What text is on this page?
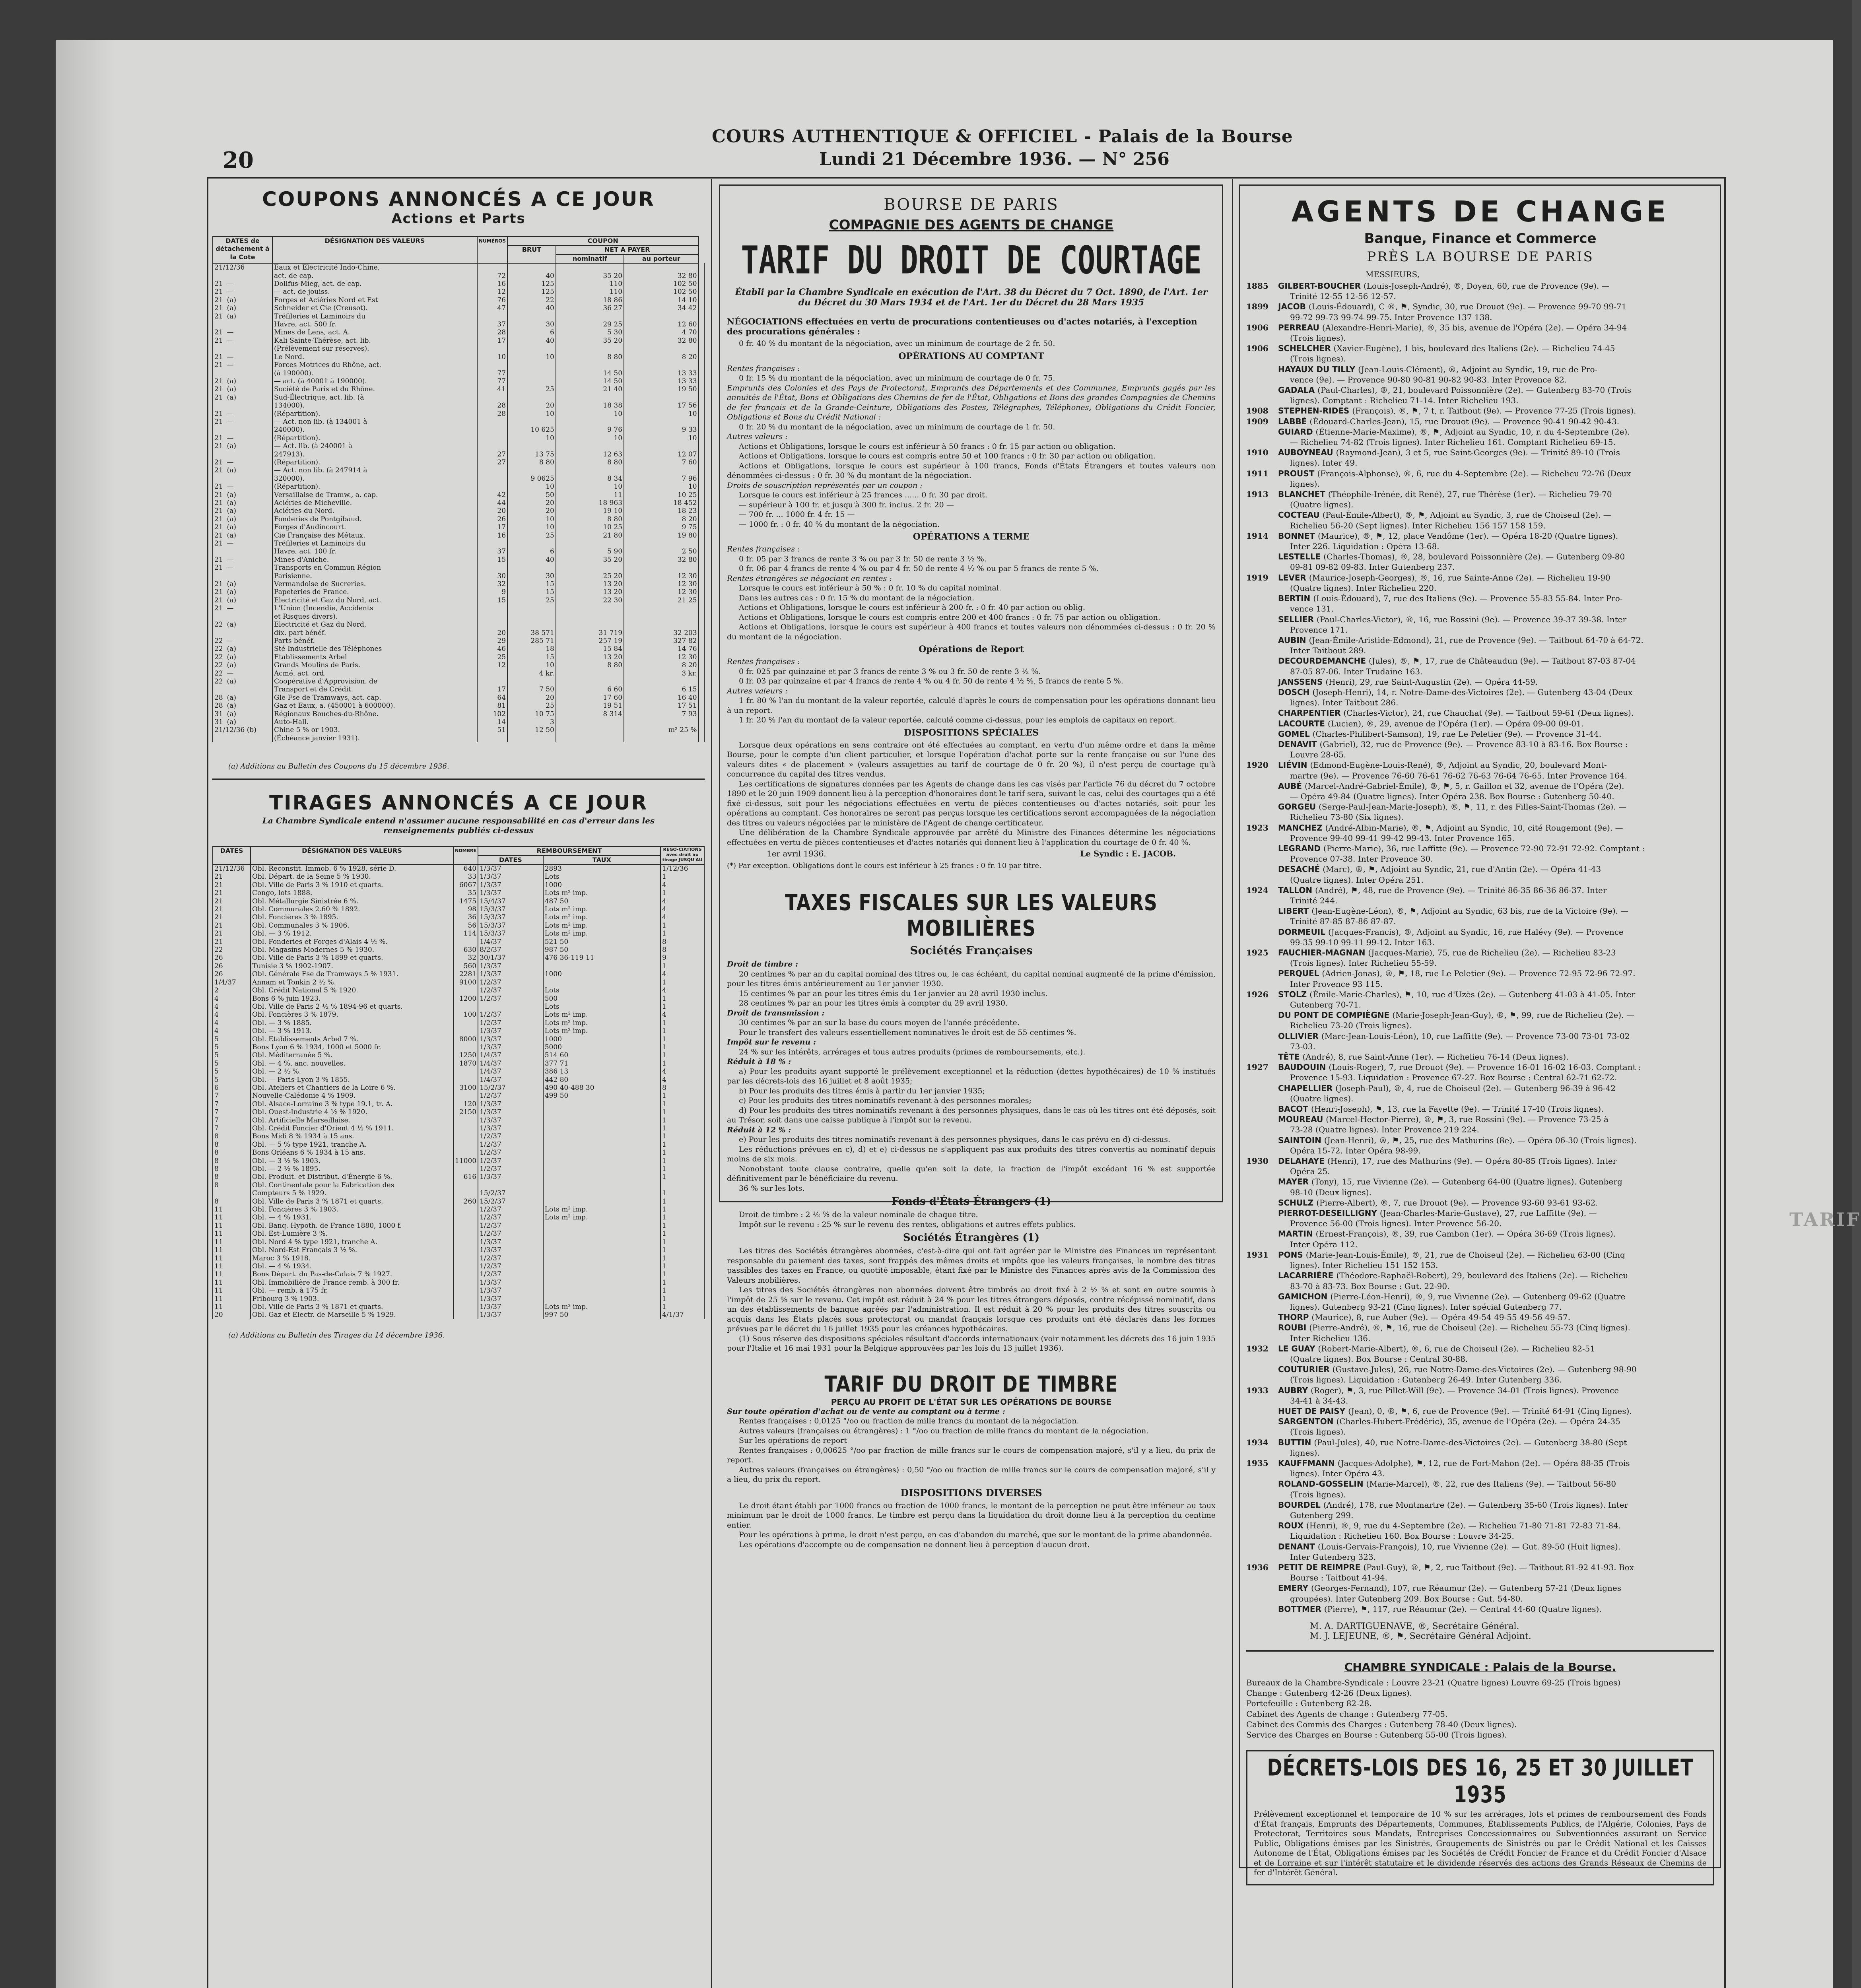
20
COURS AUTHENTIQUE & OFFICIEL - Palais de la Bourse
Lundi 21 Décembre 1936. — N° 256
COUPONS ANNONCÉS A CE JOUR
Actions et Parts
DATES de détachement à la Cote	DÉSIGNATION DES VALEURS	NUMÉROS	COUPON			
			BRUT	NET A PAYER		
				nominatif	au porteur	
21/12/36	Eaux et Electricité Indo-Chine,					
	act. de cap.	72	40	35 20	32 80	
21 —	Dollfus-Mieg, act. de cap.	16	125	110	102 50	
21 —	— act. de jouiss.	12	125	110	102 50	
21 (a)	Forges et Aciéries Nord et Est	76	22	18 86	14 10	
21 (a)	Schneider et Cie (Creusot).	47	40	36 27	34 42	
21 (a)	Tréfileries et Laminoirs du					
	Havre, act. 500 fr.	37	30	29 25	12 60	
21 —	Mines de Lens, act. A.	28	6	5 30	4 70	
21 —	Kali Sainte-Thérèse, act. lib.	17	40	35 20	32 80	
	(Prélèvement sur réserves).					
21 —	Le Nord.	10	10	8 80	8 20	
21 —	Forces Motrices du Rhône, act.					
	(à 190000).	77		14 50	13 33	
21 (a)	— act. (à 40001 à 190000).	77		14 50	13 33	
21 (a)	Société de Paris et du Rhône.	41	25	21 40	19 50	
21 (a)	Sud-Électrique, act. lib. (à					
	134000).	28	20	18 38	17 56	
21 —	(Répartition).	28	10	10	10	
21 —	— Act. non lib. (à 134001 à					
	240000).		10 625	9 76	9 33	
21 —	(Répartition).		10	10	10	
21 (a)	— Act. lib. (à 240001 à					
	247913).	27	13 75	12 63	12 07	
21 —	(Répartition).	27	8 80	8 80	7 60	
21 (a)	— Act. non lib. (à 247914 à					
	320000).		9 0625	8 34	7 96	
21 —	(Répartition).		10	10	10	
21 (a)	Versaillaise de Tramw., a. cap.	42	50	11	10 25	
21 (a)	Aciéries de Micheville.	44	20	18 963	18 452	
21 (a)	Aciéries du Nord.	20	20	19 10	18 23	
21 (a)	Fonderies de Pontgibaud.	26	10	8 80	8 20	
21 (a)	Forges d'Audincourt.	17	10	10 25	9 75	
21 (a)	Cie Française des Métaux.	16	25	21 80	19 80	
21 —	Tréfileries et Laminoirs du					
	Havre, act. 100 fr.	37	6	5 90	2 50	
21 —	Mines d'Aniche.	15	40	35 20	32 80	
21 —	Transports en Commun Région					
	Parisienne.	30	30	25 20	12 30	
21 (a)	Vermandoise de Sucreries.	32	15	13 20	12 30	
21 (a)	Papeteries de France.	9	15	13 20	12 30	
21 (a)	Electricité et Gaz du Nord, act.	15	25	22 30	21 25	
21 —	L'Union (Incendie, Accidents					
	et Risques divers).					
22 (a)	Electricité et Gaz du Nord,					
	dix. part bénéf.	20	38 571	31 719	32 203	
22 —	Parts bénéf.	29	285 71	257 19	327 82	
22 (a)	Sté Industrielle des Téléphones	46	18	15 84	14 76	
22 (a)	Etablissements Arbel	25	15	13 20	12 30	
22 (a)	Grands Moulins de Paris.	12	10	8 80	8 20	
22 —	Acmé, act. ord.		4 kr.		3 kr.	
22 (a)	Coopérative d'Approvision. de					
	Transport et de Crédit.	17	7 50	6 60	6 15	
28 (a)	Gle Fse de Tramways, act. cap.	64	20	17 60	16 40	
28 (a)	Gaz et Eaux, a. (450001 à 600000).	81	25	19 51	17 51	
31 (a)	Régionaux Bouches-du-Rhône.	102	10 75	8 314	7 93	
31 (a)	Auto-Hall.	14	3			
21/12/36 (b)	Chine 5 % or 1903.	51	12 50		m² 25 %	
	(Échéance janvier 1931).					
(a) Additions au Bulletin des Coupons du 15 décembre 1936.
TIRAGES ANNONCÉS A CE JOUR
La Chambre Syndicale entend n'assumer aucune responsabilité en cas d'erreur dans les renseignements publiés ci-dessus
DATES	DÉSIGNATION DES VALEURS	NOMBRE	REMBOURSEMENT		RÉGO-CIATIONS avec droit au tirage JUSQU'AU
			DATES	TAUX	
21/12/36	Obl. Reconstit. Immob. 6 % 1928, série D.	640	1/3/37	2893	1/12/36
21	Obl. Départ. de la Seine 5 % 1930.	33	1/3/37	Lots	1
21	Obl. Ville de Paris 3 % 1910 et quarts.	6067	1/3/37	1000	4
21	Congo, lots 1888.	35	1/3/37	Lots m² imp.	1
21	Obl. Métallurgie Sinistrée 6 %.	1475	15/4/37	487 50	4
21	Obl. Communales 2.60 % 1892.	98	15/3/37	Lots m² imp.	4
21	Obl. Foncières 3 % 1895.	36	15/3/37	Lots m² imp.	4
21	Obl. Communales 3 % 1906.	56	15/3/37	Lots m² imp.	1
21	Obl. — 3 % 1912.	114	15/3/37	Lots m² imp.	1
21	Obl. Fonderies et Forges d'Alais 4 ½ %.		1/4/37	521 50	8
22	Obl. Magasins Modernes 5 % 1930.	630	8/2/37	987 50	8
26	Obl. Ville de Paris 3 % 1899 et quarts.	32	30/1/37	476 36-119 11	9
26	Tunisie 3 % 1902-1907.	560	1/3/37		1
26	Obl. Générale Fse de Tramways 5 % 1931.	2281	1/3/37	1000	4
1/4/37	Annam et Tonkin 2 ½ %.	9100	1/2/37		1
2	Obl. Crédit National 5 % 1920.		1/2/37	Lots	4
4	Bons 6 % juin 1923.	1200	1/2/37	500	1
4	Obl. Ville de Paris 2 ½ % 1894-96 et quarts.			Lots	1
4	Obl. Foncières 3 % 1879.	100	1/2/37	Lots m² imp.	4
4	Obl. — 3 % 1885.		1/2/37	Lots m² imp.	1
4	Obl. — 3 % 1913.		1/3/37	Lots m² imp.	1
5	Obl. Etablissements Arbel 7 %.	8000	1/3/37	1000	1
5	Bons Lyon 6 % 1934, 1000 et 5000 fr.		1/3/37	5000	1
5	Obl. Méditerranée 5 %.	1250	1/4/37	514 60	1
5	Obl. — 4 %, anc. nouvelles.	1870	1/4/37	377 71	1
5	Obl. — 2 ½ %.		1/4/37	386 13	4
5	Obl. — Paris-Lyon 3 % 1855.		1/4/37	442 80	4
6	Obl. Ateliers et Chantiers de la Loire 6 %.	3100	15/2/37	490 40-488 30	8
7	Nouvelle-Calédonie 4 % 1909.		1/2/37	499 50	1
7	Obl. Alsace-Lorraine 3 % type 19.1, tr. A.	120	1/3/37		1
7	Obl. Ouest-Industrie 4 ½ % 1920.	2150	1/3/37		1
7	Obl. Artificielle Marseillaise.		1/3/37		1
7	Obl. Crédit Foncier d'Orient 4 ½ % 1911.		1/3/37		1
8	Bons Midi 8 % 1934 à 15 ans.		1/2/37		1
8	Obl. — 5 % type 1921, tranche A.		1/2/37		1
8	Bons Orléans 6 % 1934 à 15 ans.		1/2/37		1
8	Obl. — 3 ½ % 1903.	11000	1/2/37		1
8	Obl. — 2 ½ % 1895.		1/2/37		1
8	Obl. Produit. et Distribut. d'Énergie 6 %.	616	1/3/37		1
8	Obl. Continentale pour la Fabrication des				
	Compteurs 5 % 1929.		15/2/37		1
8	Obl. Ville de Paris 3 % 1871 et quarts.	260	15/2/37		1
11	Obl. Foncières 3 % 1903.		1/2/37	Lots m² imp.	1
11	Obl. — 4 % 1931.		1/2/37	Lots m² imp.	1
11	Obl. Banq. Hypoth. de France 1880, 1000 f.		1/2/37		1
11	Obl. Est-Lumière 3 %.		1/2/37		1
11	Obl. Nord 4 % type 1921, tranche A.		1/3/37		1
11	Obl. Nord-Est Français 3 ½ %.		1/3/37		1
11	Maroc 3 % 1918.		1/2/37		1
11	Obl. — 4 % 1934.		1/2/37		1
11	Bons Départ. du Pas-de-Calais 7 % 1927.		1/2/37		1
11	Obl. Immobilière de France remb. à 300 fr.		1/3/37		1
11	Obl. — remb. à 175 fr.		1/3/37		1
11	Fribourg 3 % 1903.		1/3/37		1
11	Obl. Ville de Paris 3 % 1871 et quarts.		1/3/37	Lots m² imp.	1
20	Obl. Gaz et Electr. de Marseille 5 % 1929.		1/3/37	997 50	4/1/37
(a) Additions au Bulletin des Tirages du 14 décembre 1936.
BOURSE DE PARIS
COMPAGNIE DES AGENTS DE CHANGE
TARIF DU DROIT DE COURTAGE
Établi par la Chambre Syndicale en exécution de l'Art. 38 du Décret du 7 Oct. 1890, de l'Art. 1er du Décret du 30 Mars 1934 et de l'Art. 1er du Décret du 28 Mars 1935
NÉGOCIATIONS effectuées en vertu de procurations contentieuses ou d'actes notariés, à l'exception des procurations générales :
0 fr. 40 % du montant de la négociation, avec un minimum de courtage de 2 fr. 50.
OPÉRATIONS AU COMPTANT
Rentes françaises :
0 fr. 15 % du montant de la négociation, avec un minimum de courtage de 0 fr. 75.
Emprunts des Colonies et des Pays de Protectorat, Emprunts des Départements et des Communes, Emprunts gagés par les annuités de l'État, Bons et Obligations des Chemins de fer de l'État, Obligations et Bons des grandes Compagnies de Chemins de fer français et de la Grande-Ceinture, Obligations des Postes, Télégraphes, Téléphones, Obligations du Crédit Foncier, Obligations et Bons du Crédit National :
0 fr. 20 % du montant de la négociation, avec un minimum de courtage de 1 fr. 50.
Autres valeurs :
Actions et Obligations, lorsque le cours est inférieur à 50 francs : 0 fr. 15 par action ou obligation.
Actions et Obligations, lorsque le cours est compris entre 50 et 100 francs : 0 fr. 30 par action ou obligation.
Actions et Obligations, lorsque le cours est supérieur à 100 francs, Fonds d'États Étrangers et toutes valeurs non dénommées ci-dessus : 0 fr. 30 % du montant de la négociation.
Droits de souscription représentés par un coupon :
Lorsque le cours est inférieur à 25 frances ...... 0 fr. 30 par droit.
— supérieur à 100 fr. et jusqu'à 300 fr. inclus. 2 fr. 20 —
— 700 fr. ... 1000 fr. 4 fr. 15 —
— 1000 fr. : 0 fr. 40 % du montant de la négociation.
OPÉRATIONS A TERME
Rentes françaises :
0 fr. 05 par 3 francs de rente 3 % ou par 3 fr. 50 de rente 3 ½ %.
0 fr. 06 par 4 francs de rente 4 % ou par 4 fr. 50 de rente 4 ½ % ou par 5 francs de rente 5 %.
Rentes étrangères se négociant en rentes :
Lorsque le cours est inférieur à 50 % : 0 fr. 10 % du capital nominal.
Dans les autres cas : 0 fr. 15 % du montant de la négociation.
Actions et Obligations, lorsque le cours est inférieur à 200 fr. : 0 fr. 40 par action ou oblig.
Actions et Obligations, lorsque le cours est compris entre 200 et 400 francs : 0 fr. 75 par action ou obligation.
Actions et Obligations, lorsque le cours est supérieur à 400 francs et toutes valeurs non dénommées ci-dessus : 0 fr. 20 % du montant de la négociation.
Opérations de Report
Rentes françaises :
0 fr. 025 par quinzaine et par 3 francs de rente 3 % ou 3 fr. 50 de rente 3 ½ %.
0 fr. 03 par quinzaine et par 4 francs de rente 4 % ou 4 fr. 50 de rente 4 ½ %, 5 francs de rente 5 %.
Autres valeurs :
1 fr. 80 % l'an du montant de la valeur reportée, calculé d'après le cours de compensation pour les opérations donnant lieu à un report.
1 fr. 20 % l'an du montant de la valeur reportée, calculé comme ci-dessus, pour les emplois de capitaux en report.
DISPOSITIONS SPÉCIALES
Lorsque deux opérations en sens contraire ont été effectuées au comptant, en vertu d'un même ordre et dans la même Bourse, pour le compte d'un client particulier, et lorsque l'opération d'achat porte sur la rente française ou sur l'une des valeurs dites « de placement » (valeurs assujetties au tarif de courtage de 0 fr. 20 %), il n'est perçu de courtage qu'à concurrence du capital des titres vendus.
Les certifications de signatures données par les Agents de change dans les cas visés par l'article 76 du décret du 7 octobre 1890 et le 20 juin 1909 donnent lieu à la perception d'honoraires dont le tarif sera, suivant le cas, celui des courtages qui a été fixé ci-dessus, soit pour les négociations effectuées en vertu de pièces contentieuses ou d'actes notariés, soit pour les opérations au comptant. Ces honoraires ne seront pas perçus lorsque les certifications seront accompagnées de la négociation des titres ou valeurs négociées par le ministère de l'Agent de change certificateur.
Une délibération de la Chambre Syndicale approuvée par arrêté du Ministre des Finances détermine les négociations effectuées en vertu de pièces contentieuses et d'actes notariés qui donnent lieu à l'application du courtage de 0 fr. 40 %.
1er avril 1936.	Le Syndic : E. JACOB.
(*) Par exception. Obligations dont le cours est inférieur à 25 francs : 0 fr. 10 par titre.
TAXES FISCALES SUR LES VALEURS MOBILIÈRES
Sociétés Françaises
Droit de timbre :
20 centimes % par an du capital nominal des titres ou, le cas échéant, du capital nominal augmenté de la prime d'émission, pour les titres émis antérieurement au 1er janvier 1930.
15 centimes % par an pour les titres émis du 1er janvier au 28 avril 1930 inclus.
28 centimes % par an pour les titres émis à compter du 29 avril 1930.
Droit de transmission :
30 centimes % par an sur la base du cours moyen de l'année précédente.
Pour le transfert des valeurs essentiellement nominatives le droit est de 55 centimes %.
Impôt sur le revenu :
24 % sur les intérêts, arrérages et tous autres produits (primes de remboursements, etc.).
Réduit à 18 % :
a) Pour les produits ayant supporté le prélèvement exceptionnel et la réduction (dettes hypothécaires) de 10 % institués par les décrets-lois des 16 juillet et 8 août 1935;
b) Pour les produits des titres émis à partir du 1er janvier 1935;
c) Pour les produits des titres nominatifs revenant à des personnes morales;
d) Pour les produits des titres nominatifs revenant à des personnes physiques, dans le cas où les titres ont été déposés, soit au Trésor, soit dans une caisse publique à l'impôt sur le revenu.
Réduit à 12 % :
e) Pour les produits des titres nominatifs revenant à des personnes physiques, dans le cas prévu en d) ci-dessus.
Les réductions prévues en c), d) et e) ci-dessus ne s'appliquent pas aux produits des titres convertis au nominatif depuis moins de six mois.
Nonobstant toute clause contraire, quelle qu'en soit la date, la fraction de l'impôt excédant 16 % est supportée définitivement par le bénéficiaire du revenu.
36 % sur les lots.
Fonds d'États Étrangers (1)
Droit de timbre : 2 ½ % de la valeur nominale de chaque titre.
Impôt sur le revenu : 25 % sur le revenu des rentes, obligations et autres effets publics.
Sociétés Étrangères (1)
Les titres des Sociétés étrangères abonnées, c'est-à-dire qui ont fait agréer par le Ministre des Finances un représentant responsable du paiement des taxes, sont frappés des mêmes droits et impôts que les valeurs françaises, le nombre des titres passibles des taxes en France, ou quotité imposable, étant fixé par le Ministre des Finances après avis de la Commission des Valeurs mobilières.
Les titres des Sociétés étrangères non abonnées doivent être timbrés au droit fixé à 2 ½ % et sont en outre soumis à l'impôt de 25 % sur le revenu. Cet impôt est réduit à 24 % pour les titres étrangers déposés, contre récépissé nominatif, dans un des établissements de banque agréés par l'administration. Il est réduit à 20 % pour les produits des titres souscrits ou acquis dans les États placés sous protectorat ou mandat français lorsque ces produits ont été déclarés dans les formes prévues par le décret du 16 juillet 1935 pour les créances hypothécaires.
(1) Sous réserve des dispositions spéciales résultant d'accords internationaux (voir notamment les décrets des 16 juin 1935 pour l'Italie et 16 mai 1931 pour la Belgique approuvées par les lois du 13 juillet 1936).
TARIF DU DROIT DE TIMBRE
PERÇU AU PROFIT DE L'ÉTAT SUR LES OPÉRATIONS DE BOURSE
Sur toute opération d'achat ou de vente au comptant ou à terme :
Rentes françaises : 0,0125 °/oo ou fraction de mille francs du montant de la négociation.
Autres valeurs (françaises ou étrangères) : 1 °/oo ou fraction de mille francs du montant de la négociation.
Sur les opérations de report
Rentes françaises : 0,00625 °/oo par fraction de mille francs sur le cours de compensation majoré, s'il y a lieu, du prix de report.
Autres valeurs (françaises ou étrangères) : 0,50 °/oo ou fraction de mille francs sur le cours de compensation majoré, s'il y a lieu, du prix du report.
DISPOSITIONS DIVERSES
Le droit étant établi par 1000 francs ou fraction de 1000 francs, le montant de la perception ne peut être inférieur au taux minimum par le droit de 1000 francs. Le timbre est perçu dans la liquidation du droit donne lieu à la perception du centime entier.
Pour les opérations à prime, le droit n'est perçu, en cas d'abandon du marché, que sur le montant de la prime abandonnée.
Les opérations d'accompte ou de compensation ne donnent lieu à perception d'aucun droit.
AGENTS DE CHANGE
Banque, Finance et Commerce
PRÈS LA BOURSE DE PARIS
MESSIEURS,
1885 GILBERT-BOUCHER (Louis-Joseph-André), ®, Doyen, 60, rue de Provence (9e). —
Trinité 12-55 12-56 12-57.
1899 JACOB (Louis-Édouard), C ®, ⚑, Syndic, 30, rue Drouot (9e). — Provence 99-70 99-71
99-72 99-73 99-74 99-75. Inter Provence 137 138.
1906 PERREAU (Alexandre-Henri-Marie), ®, 35 bis, avenue de l'Opéra (2e). — Opéra 34-94
(Trois lignes).
1906 SCHELCHER (Xavier-Eugène), 1 bis, boulevard des Italiens (2e). — Richelieu 74-45
(Trois lignes).
HAYAUX DU TILLY (Jean-Louis-Clément), ®, Adjoint au Syndic, 19, rue de Pro-
vence (9e). — Provence 90-80 90-81 90-82 90-83. Inter Provence 82.
GADALA (Paul-Charles), ®, 21, boulevard Poissonnière (2e). — Gutenberg 83-70 (Trois
lignes). Comptant : Richelieu 71-14. Inter Richelieu 193.
1908 STEPHEN-RIDES (François), ®, ⚑, 7 t, r. Taitbout (9e). — Provence 77-25 (Trois lignes).
1909 LABBÉ (Édouard-Charles-Jean), 15, rue Drouot (9e). — Provence 90-41 90-42 90-43.
GUIARD (Étienne-Marie-Maxime), ®, ⚑, Adjoint au Syndic, 10, r. du 4-Septembre (2e).
— Richelieu 74-82 (Trois lignes). Inter Richelieu 161. Comptant Richelieu 69-15.
1910 AUBOYNEAU (Raymond-Jean), 3 et 5, rue Saint-Georges (9e). — Trinité 89-10 (Trois
lignes). Inter 49.
1911 PROUST (François-Alphonse), ®, 6, rue du 4-Septembre (2e). — Richelieu 72-76 (Deux
lignes).
1913 BLANCHET (Théophile-Irénée, dit René), 27, rue Thérèse (1er). — Richelieu 79-70
(Quatre lignes).
COCTEAU (Paul-Émile-Albert), ®, ⚑, Adjoint au Syndic, 3, rue de Choiseul (2e). —
Richelieu 56-20 (Sept lignes). Inter Richelieu 156 157 158 159.
1914 BONNET (Maurice), ®, ⚑, 12, place Vendôme (1er). — Opéra 18-20 (Quatre lignes).
Inter 226. Liquidation : Opéra 13-68.
LESTELLE (Charles-Thomas), ®, 28, boulevard Poissonnière (2e). — Gutenberg 09-80
09-81 09-82 09-83. Inter Gutenberg 237.
1919 LEVER (Maurice-Joseph-Georges), ®, 16, rue Sainte-Anne (2e). — Richelieu 19-90
(Quatre lignes). Inter Richelieu 220.
BERTIN (Louis-Édouard), 7, rue des Italiens (9e). — Provence 55-83 55-84. Inter Pro-
vence 131.
SELLIER (Paul-Charles-Victor), ®, 16, rue Rossini (9e). — Provence 39-37 39-38. Inter
Provence 171.
AUBIN (Jean-Émile-Aristide-Edmond), 21, rue de Provence (9e). — Taitbout 64-70 à 64-72.
Inter Taitbout 289.
DECOURDEMANCHE (Jules), ®, ⚑, 17, rue de Châteaudun (9e). — Taitbout 87-03 87-04
87-05 87-06. Inter Trudaine 163.
JANSSENS (Henri), 29, rue Saint-Augustin (2e). — Opéra 44-59.
DOSCH (Joseph-Henri), 14, r. Notre-Dame-des-Victoires (2e). — Gutenberg 43-04 (Deux
lignes). Inter Taitbout 286.
CHARPENTIER (Charles-Victor), 24, rue Chauchat (9e). — Taitbout 59-61 (Deux lignes).
LACOURTE (Lucien), ®, 29, avenue de l'Opéra (1er). — Opéra 09-00 09-01.
GOMEL (Charles-Philibert-Samson), 19, rue Le Peletier (9e). — Provence 31-44.
DENAVIT (Gabriel), 32, rue de Provence (9e). — Provence 83-10 à 83-16. Box Bourse :
Louvre 28-65.
1920 LIÉVIN (Edmond-Eugène-Louis-René), ®, Adjoint au Syndic, 20, boulevard Mont-
martre (9e). — Provence 76-60 76-61 76-62 76-63 76-64 76-65. Inter Provence 164.
AUBÉ (Marcel-André-Gabriel-Émile), ®, ⚑, 5, r. Gaillon et 32, avenue de l'Opéra (2e).
— Opéra 49-84 (Quatre lignes). Inter Opéra 238. Box Bourse : Gutenberg 50-40.
GORGEU (Serge-Paul-Jean-Marie-Joseph), ®, ⚑, 11, r. des Filles-Saint-Thomas (2e). —
Richelieu 73-80 (Six lignes).
1923 MANCHEZ (André-Albin-Marie), ®, ⚑, Adjoint au Syndic, 10, cité Rougemont (9e). —
Provence 99-40 99-41 99-42 99-43. Inter Provence 165.
LEGRAND (Pierre-Marie), 36, rue Laffitte (9e). — Provence 72-90 72-91 72-92. Comptant :
Provence 07-38. Inter Provence 30.
DESACHÉ (Marc), ®, ⚑, Adjoint au Syndic, 21, rue d'Antin (2e). — Opéra 41-43
(Quatre lignes). Inter Opéra 251.
1924 TALLON (André), ⚑, 48, rue de Provence (9e). — Trinité 86-35 86-36 86-37. Inter
Trinité 244.
LIBERT (Jean-Eugène-Léon), ®, ⚑, Adjoint au Syndic, 63 bis, rue de la Victoire (9e). —
Trinité 87-85 87-86 87-87.
DORMEUIL (Jacques-Francis), ®, Adjoint au Syndic, 16, rue Halévy (9e). — Provence
99-35 99-10 99-11 99-12. Inter 163.
1925 FAUCHIER-MAGNAN (Jacques-Marie), 75, rue de Richelieu (2e). — Richelieu 83-23
(Trois lignes). Inter Richelieu 55-59.
PERQUEL (Adrien-Jonas), ®, ⚑, 18, rue Le Peletier (9e). — Provence 72-95 72-96 72-97.
Inter Provence 93 115.
1926 STOLZ (Émile-Marie-Charles), ⚑, 10, rue d'Uzès (2e). — Gutenberg 41-03 à 41-05. Inter
Gutenberg 70-71.
DU PONT DE COMPIÈGNE (Marie-Joseph-Jean-Guy), ®, ⚑, 99, rue de Richelieu (2e). —
Richelieu 73-20 (Trois lignes).
OLLIVIER (Marc-Jean-Louis-Léon), 10, rue Laffitte (9e). — Provence 73-00 73-01 73-02
73-03.
TÊTE (André), 8, rue Saint-Anne (1er). — Richelieu 76-14 (Deux lignes).
1927 BAUDOUIN (Louis-Roger), 7, rue Drouot (9e). — Provence 16-01 16-02 16-03. Comptant :
Provence 15-93. Liquidation : Provence 67-27. Box Bourse : Central 62-71 62-72.
CHAPELLIER (Joseph-Paul), ®, 4, rue de Choiseul (2e). — Gutenberg 96-39 à 96-42
(Quatre lignes).
BACOT (Henri-Joseph), ⚑, 13, rue la Fayette (9e). — Trinité 17-40 (Trois lignes).
MOUREAU (Marcel-Hector-Pierre), ®, ⚑, 3, rue Rossini (9e). — Provence 73-25 à
73-28 (Quatre lignes). Inter Provence 219 224.
SAINTOIN (Jean-Henri), ®, ⚑, 25, rue des Mathurins (8e). — Opéra 06-30 (Trois lignes).
Opéra 15-72. Inter Opéra 98-99.
1930 DELAHAYE (Henri), 17, rue des Mathurins (9e). — Opéra 80-85 (Trois lignes). Inter
Opéra 25.
MAYER (Tony), 15, rue Vivienne (2e). — Gutenberg 64-00 (Quatre lignes). Gutenberg
98-10 (Deux lignes).
SCHULZ (Pierre-Albert), ®, 7, rue Drouot (9e). — Provence 93-60 93-61 93-62.
PIERROT-DESEILLIGNY (Jean-Charles-Marie-Gustave), 27, rue Laffitte (9e). —
Provence 56-00 (Trois lignes). Inter Provence 56-20.
MARTIN (Ernest-François), ®, 39, rue Cambon (1er). — Opéra 36-69 (Trois lignes).
Inter Opéra 112.
1931 PONS (Marie-Jean-Louis-Émile), ®, 21, rue de Choiseul (2e). — Richelieu 63-00 (Cinq
lignes). Inter Richelieu 151 152 153.
LACARRIÈRE (Théodore-Raphaël-Robert), 29, boulevard des Italiens (2e). — Richelieu
83-70 à 83-73. Box Bourse : Gut. 22-90.
GAMICHON (Pierre-Léon-Henri), ®, 9, rue Vivienne (2e). — Gutenberg 09-62 (Quatre
lignes). Gutenberg 93-21 (Cinq lignes). Inter spécial Gutenberg 77.
THORP (Maurice), 8, rue Auber (9e). — Opéra 49-54 49-55 49-56 49-57.
ROUBI (Pierre-André), ®, ⚑, 16, rue de Choiseul (2e). — Richelieu 55-73 (Cinq lignes).
Inter Richelieu 136.
1932 LE GUAY (Robert-Marie-Albert), ®, 6, rue de Choiseul (2e). — Richelieu 82-51
(Quatre lignes). Box Bourse : Central 30-88.
COUTURIER (Gustave-Jules), 26, rue Notre-Dame-des-Victoires (2e). — Gutenberg 98-90
(Trois lignes). Liquidation : Gutenberg 26-49. Inter Gutenberg 336.
1933 AUBRY (Roger), ⚑, 3, rue Pillet-Will (9e). — Provence 34-01 (Trois lignes). Provence
34-41 à 34-43.
HUET DE PAISY (Jean), 0, ®, ⚑, 6, rue de Provence (9e). — Trinité 64-91 (Cinq lignes).
SARGENTON (Charles-Hubert-Frédéric), 35, avenue de l'Opéra (2e). — Opéra 24-35
(Trois lignes).
1934 BUTTIN (Paul-Jules), 40, rue Notre-Dame-des-Victoires (2e). — Gutenberg 38-80 (Sept
lignes).
1935 KAUFFMANN (Jacques-Adolphe), ⚑, 12, rue de Fort-Mahon (2e). — Opéra 88-35 (Trois
lignes). Inter Opéra 43.
ROLAND-GOSSELIN (Marie-Marcel), ®, 22, rue des Italiens (9e). — Taitbout 56-80
(Trois lignes).
BOURDEL (André), 178, rue Montmartre (2e). — Gutenberg 35-60 (Trois lignes). Inter
Gutenberg 299.
ROUX (Henri), ®, 9, rue du 4-Septembre (2e). — Richelieu 71-80 71-81 72-83 71-84.
Liquidation : Richelieu 160. Box Bourse : Louvre 34-25.
DENANT (Louis-Gervais-François), 10, rue Vivienne (2e). — Gut. 89-50 (Huit lignes).
Inter Gutenberg 323.
1936 PETIT DE REIMPRE (Paul-Guy), ®, ⚑, 2, rue Taitbout (9e). — Taitbout 81-92 41-93. Box
Bourse : Taitbout 41-94.
EMERY (Georges-Fernand), 107, rue Réaumur (2e). — Gutenberg 57-21 (Deux lignes
groupées). Inter Gutenberg 209. Box Bourse : Gut. 54-80.
BOTTMER (Pierre), ⚑, 117, rue Réaumur (2e). — Central 44-60 (Quatre lignes).
M. A. DARTIGUENAVE, ®, Secrétaire Général.
M. J. LEJEUNE, ®, ⚑, Secrétaire Général Adjoint.
CHAMBRE SYNDICALE : Palais de la Bourse.
Bureaux de la Chambre-Syndicale : Louvre 23-21 (Quatre lignes) Louvre 69-25 (Trois lignes)
Change : Gutenberg 42-26 (Deux lignes).
Portefeuille : Gutenberg 82-28.
Cabinet des Agents de change : Gutenberg 77-05.
Cabinet des Commis des Charges : Gutenberg 78-40 (Deux lignes).
Service des Charges en Bourse : Gutenberg 55-00 (Trois lignes).
DÉCRETS-LOIS DES 16, 25 ET 30 JUILLET 1935
Prélèvement exceptionnel et temporaire de 10 % sur les arrérages, lots et primes de remboursement des Fonds d'État français, Emprunts des Départements, Communes, Établissements Publics, de l'Algérie, Colonies, Pays de Protectorat, Territoires sous Mandats, Entreprises Concessionnaires ou Subventionnées assurant un Service Public, Obligations émises par les Sinistrés, Groupements de Sinistrés ou par le Crédit National et les Caisses Autonome de l'État, Obligations émises par les Sociétés de Crédit Foncier de France et du Crédit Foncier d'Alsace et de Lorraine et sur l'intérêt statutaire et le dividende réservés des actions des Grands Réseaux de Chemins de fer d'Intérêt Général.
TARIF
